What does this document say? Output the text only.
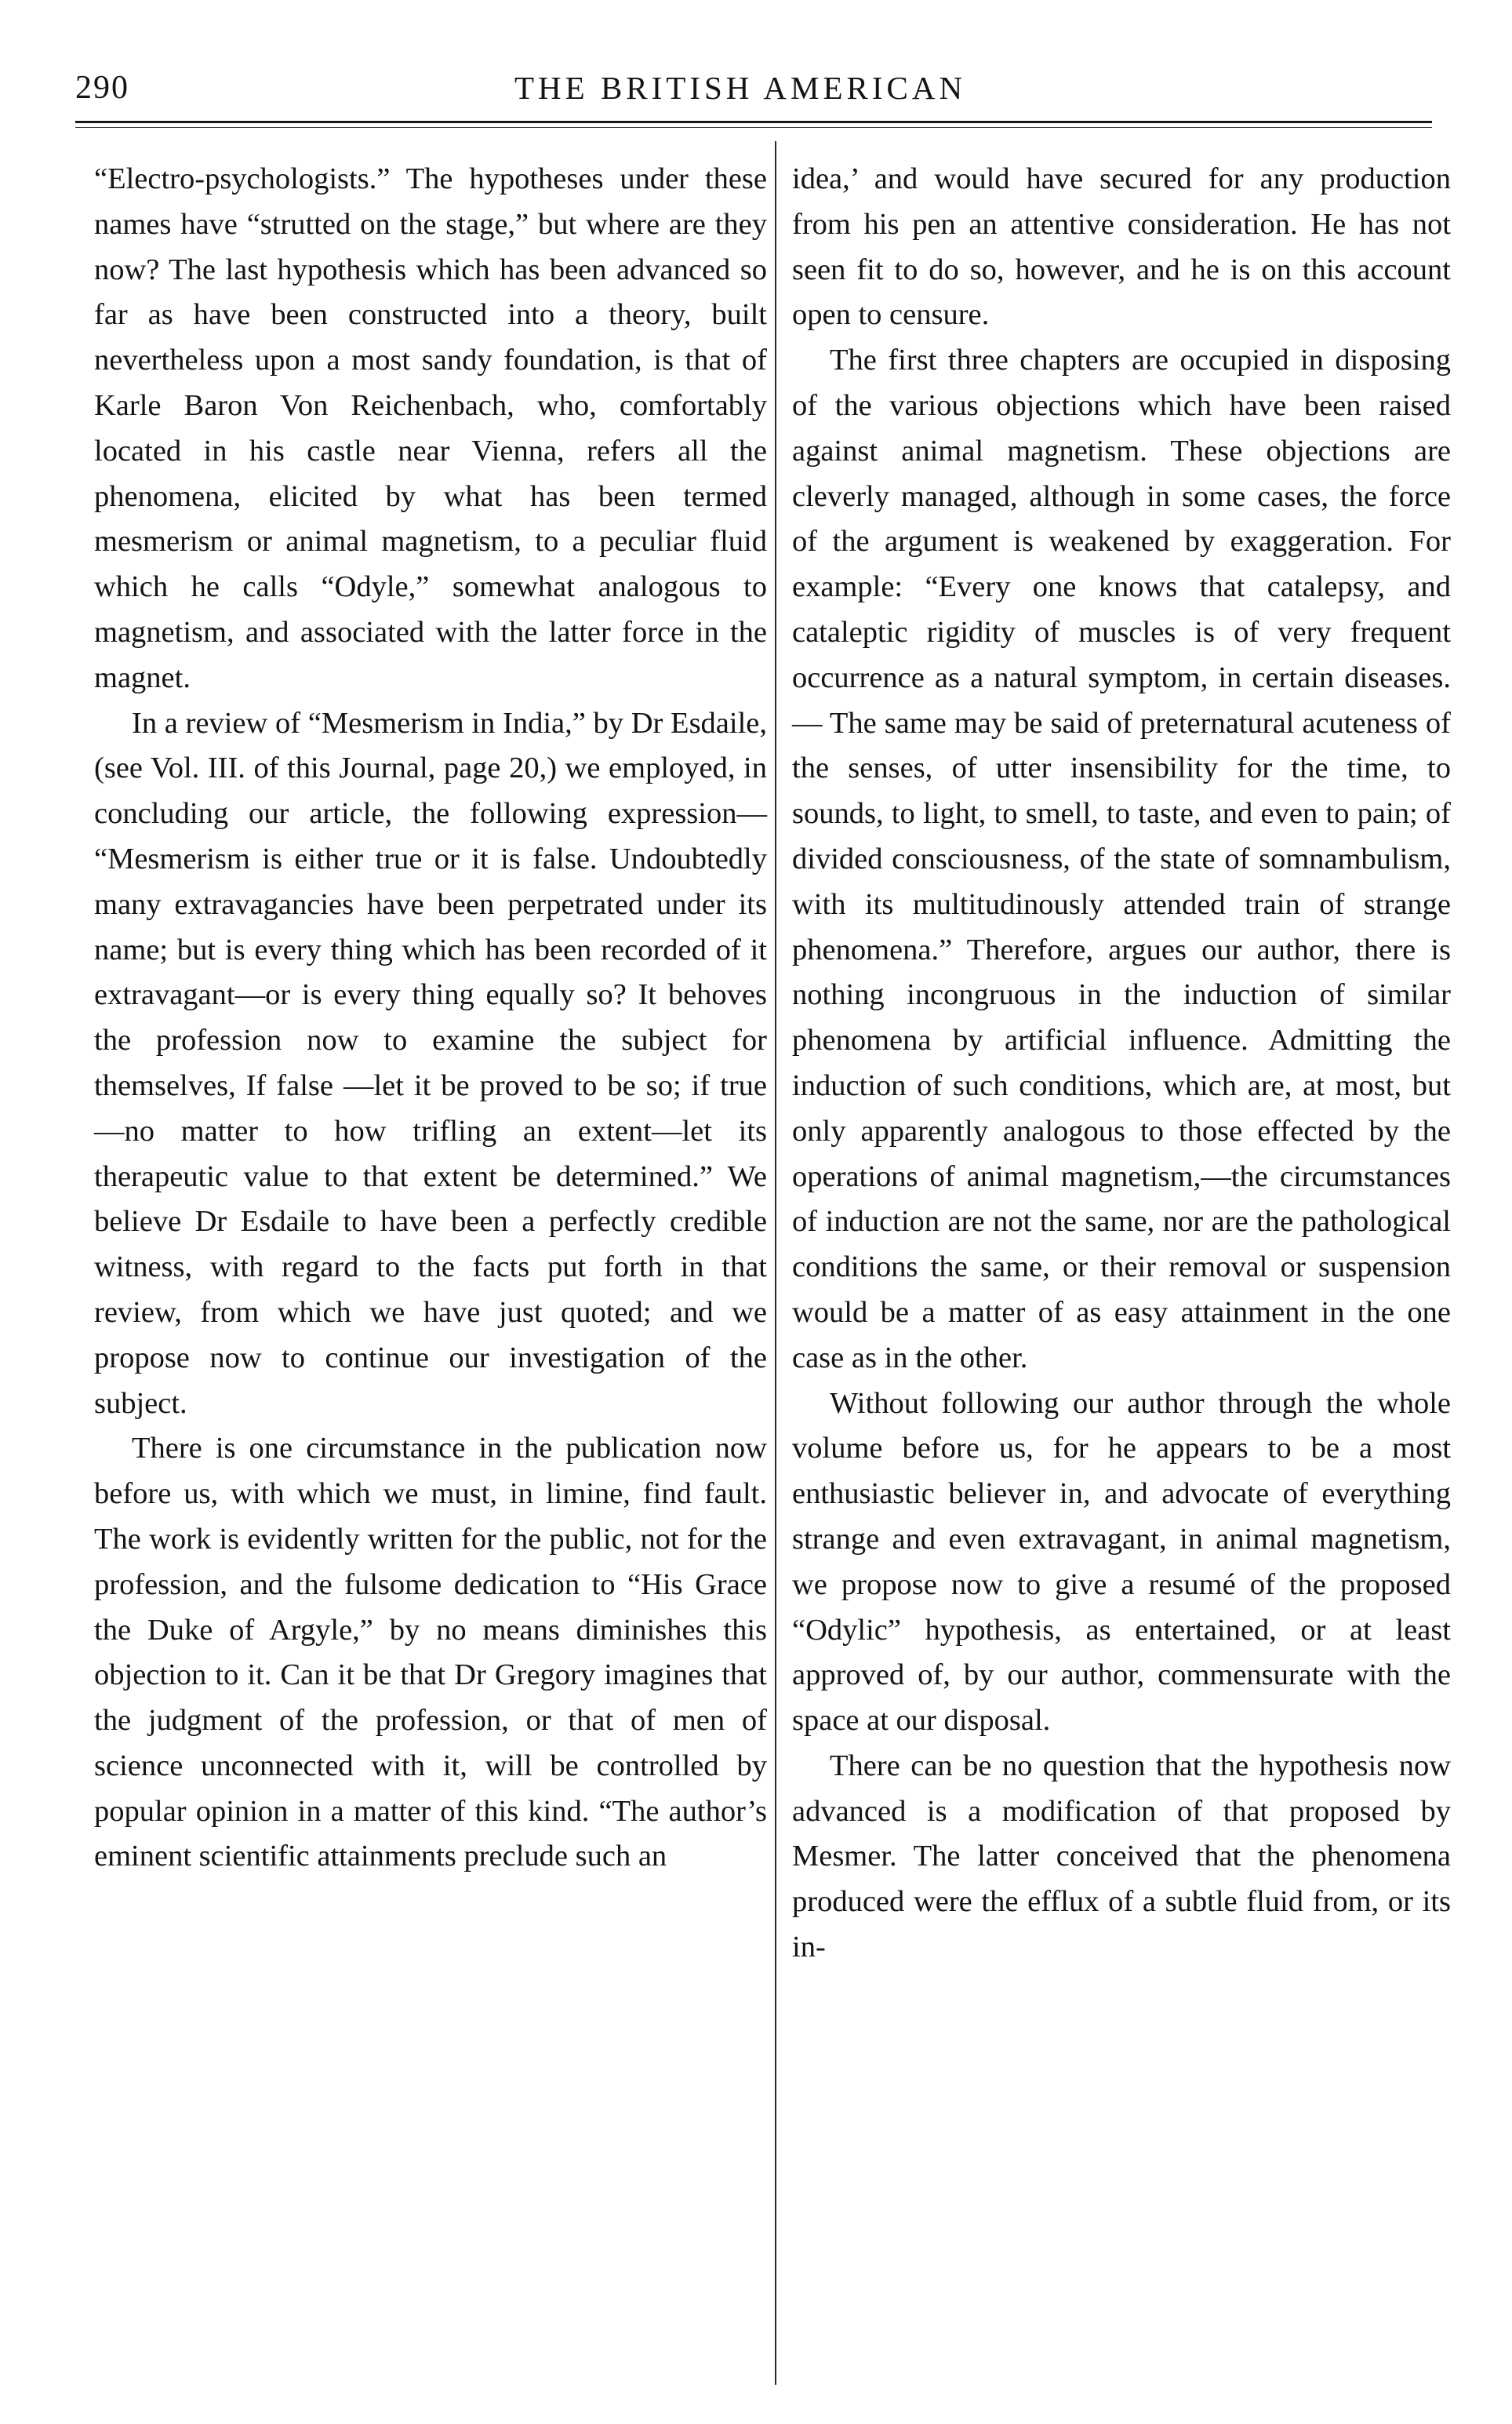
290	THE BRITISH AMERICAN

“Electro-psychologists.” The hypotheses under these names have “strutted on the stage,” but where are they now? The last hypothesis which has been advanced so far as have been constructed into a theory, built nevertheless upon a most sandy foundation, is that of Karle Baron Von Reichenbach, who, comfortably located in his castle near Vienna, refers all the phenomena, elicited by what has been termed mesmerism or animal magnetism, to a peculiar fluid which he calls “Odyle,” somewhat analogous to magnetism, and associated with the latter force in the magnet.

In a review of “Mesmerism in India,” by Dr Esdaile, (see Vol. III. of this Journal, page 20,) we employed, in concluding our article, the following expression— “Mesmerism is either true or it is false. Undoubtedly many extravagancies have been perpetrated under its name; but is every thing which has been recorded of it extravagant—or is every thing equally so? It behoves the profession now to examine the subject for themselves, If false —let it be proved to be so; if true—no matter to how trifling an extent—let its therapeutic value to that extent be determined.” We believe Dr Esdaile to have been a perfectly credible witness, with regard to the facts put forth in that review, from which we have just quoted; and we propose now to continue our investigation of the subject.

There is one circumstance in the publication now before us, with which we must, in limine, find fault. The work is evidently written for the public, not for the profession, and the fulsome dedication to “His Grace the Duke of Argyle,” by no means diminishes this objection to it. Can it be that Dr Gregory imagines that the judgment of the profession, or that of men of science unconnected with it, will be controlled by popular opinion in a matter of this kind. “The author’s eminent scientific attainments preclude such an

idea,’ and would have secured for any production from his pen an attentive consideration. He has not seen fit to do so, however, and he is on this account open to censure.

The first three chapters are occupied in disposing of the various objections which have been raised against animal magnetism. These objections are cleverly managed, although in some cases, the force of the argument is weakened by exaggeration. For example: “Every one knows that catalepsy, and cataleptic rigidity of muscles is of very frequent occurrence as a natural symptom, in certain diseases.— The same may be said of preternatural acuteness of the senses, of utter insensibility for the time, to sounds, to light, to smell, to taste, and even to pain; of divided consciousness, of the state of somnambulism, with its multitudinously attended train of strange phenomena.” Therefore, argues our author, there is nothing incongruous in the induction of similar phenomena by artificial influence. Admitting the induction of such conditions, which are, at most, but only apparently analogous to those effected by the operations of animal magnetism,—the circumstances of induction are not the same, nor are the pathological conditions the same, or their removal or suspension would be a matter of as easy attainment in the one case as in the other.

Without following our author through the whole volume before us, for he appears to be a most enthusiastic believer in, and advocate of everything strange and even extravagant, in animal magnetism, we propose now to give a resumé of the proposed “Odylic” hypothesis, as entertained, or at least approved of, by our author, commensurate with the space at our disposal.

There can be no question that the hypothesis now advanced is a modification of that proposed by Mesmer. The latter conceived that the phenomena produced were the efflux of a subtle fluid from, or its in-
